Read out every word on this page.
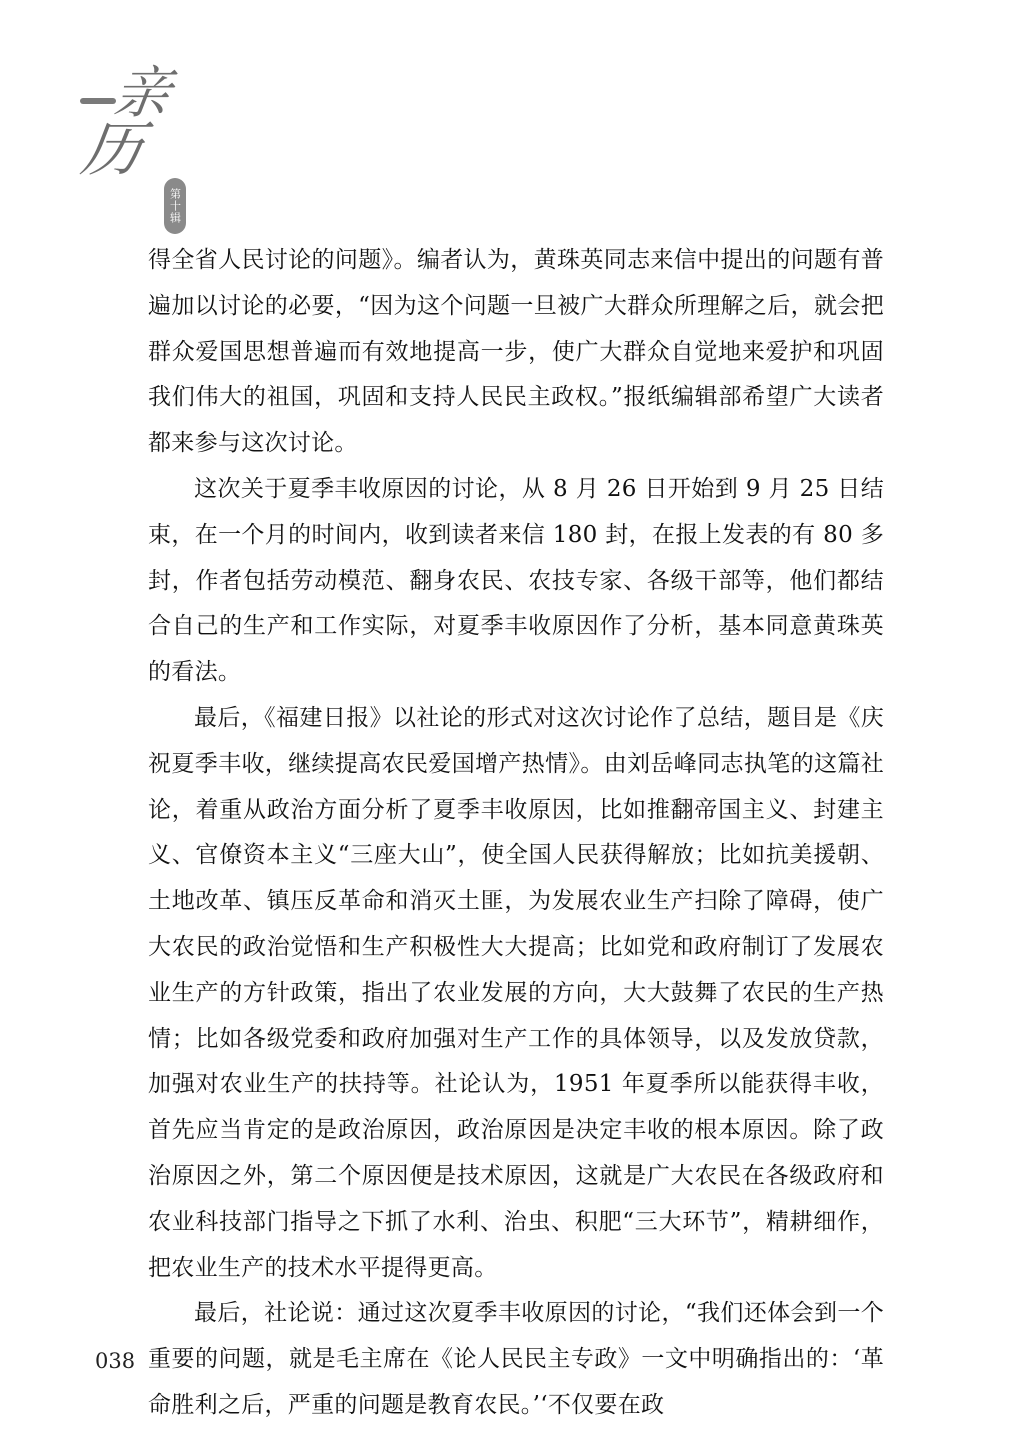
亲
历
第十辑

得全省人民讨论的问题》。编者认为，黄珠英同志来信中提出的问题有普遍加以讨论的必要，“因为这个问题一旦被广大群众所理解之后，就会把群众爱国思想普遍而有效地提高一步，使广大群众自觉地来爱护和巩固我们伟大的祖国，巩固和支持人民民主政权。”报纸编辑部希望广大读者都来参与这次讨论。

这次关于夏季丰收原因的讨论，从 8 月 26 日开始到 9 月 25 日结束，在一个月的时间内，收到读者来信 180 封，在报上发表的有 80 多封，作者包括劳动模范、翻身农民、农技专家、各级干部等，他们都结合自己的生产和工作实际，对夏季丰收原因作了分析，基本同意黄珠英的看法。

最后，《福建日报》以社论的形式对这次讨论作了总结，题目是《庆祝夏季丰收，继续提高农民爱国增产热情》。由刘岳峰同志执笔的这篇社论，着重从政治方面分析了夏季丰收原因，比如推翻帝国主义、封建主义、官僚资本主义“三座大山”，使全国人民获得解放；比如抗美援朝、土地改革、镇压反革命和消灭土匪，为发展农业生产扫除了障碍，使广大农民的政治觉悟和生产积极性大大提高；比如党和政府制订了发展农业生产的方针政策，指出了农业发展的方向，大大鼓舞了农民的生产热情；比如各级党委和政府加强对生产工作的具体领导，以及发放贷款，加强对农业生产的扶持等。社论认为，1951 年夏季所以能获得丰收，首先应当肯定的是政治原因，政治原因是决定丰收的根本原因。除了政治原因之外，第二个原因便是技术原因，这就是广大农民在各级政府和农业科技部门指导之下抓了水利、治虫、积肥“三大环节”，精耕细作，把农业生产的技术水平提得更高。

最后，社论说：通过这次夏季丰收原因的讨论，“我们还体会到一个重要的问题，就是毛主席在《论人民民主专政》一文中明确指出的：‘革命胜利之后，严重的问题是教育农民。’‘不仅要在政

038
